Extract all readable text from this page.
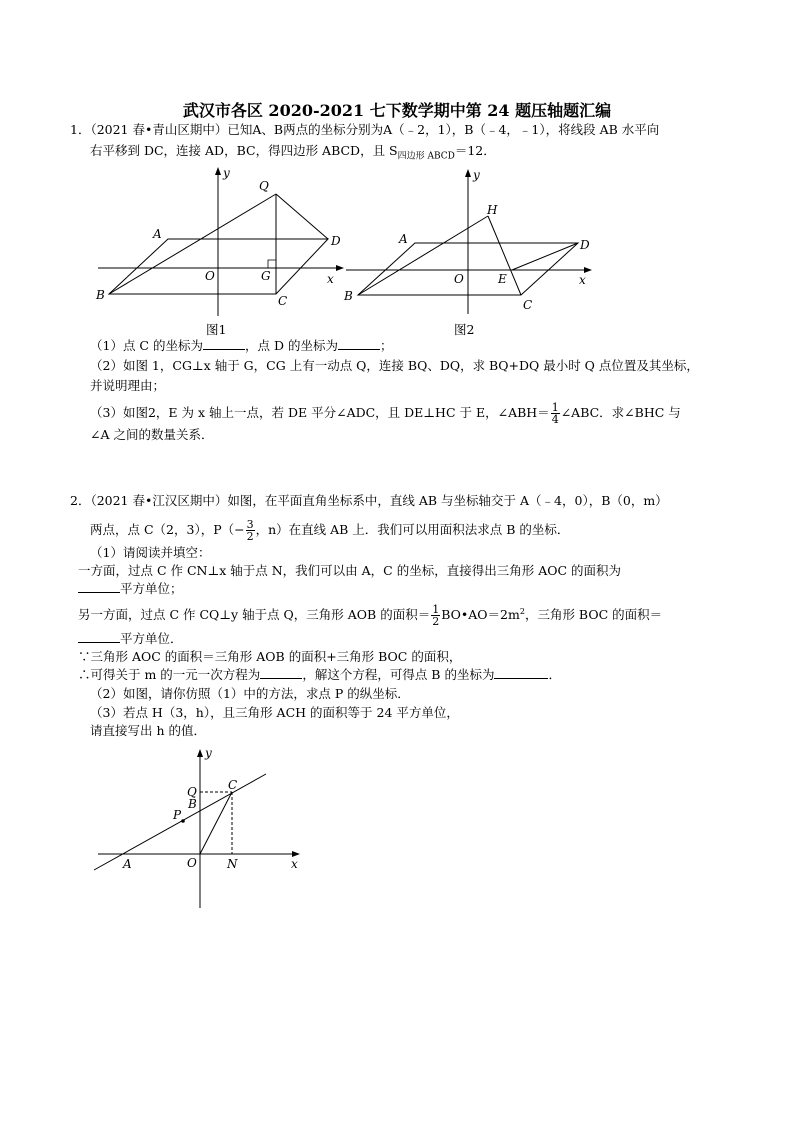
武汉市各区 2020-2021 七下数学期中第 24 题压轴题汇编
1．（2021 春•青山区期中）已知A、B两点的坐标分别为A（﹣2，1），B（﹣4，﹣1），将线段 AB 水平向
右平移到 DC，连接 AD，BC，得四边形 ABCD，且 $S_{四边形 ABCD}=12$．
y
x
O
A
B	C
D
Q
G
y
x
O
A
B
C
D
H
E
图1	图2
（1）点 C 的坐标为	，点 D 的坐标为	；
（2）如图 1，CG⊥x 轴于 G，CG 上有一动点 Q，连接 BQ、DQ，求 BQ+DQ 最小时 Q 点位置及其坐标，
并说明理由；
（3）如图2，E 为 x 轴上一点，若 DE 平分∠ADC，且 DE⊥HC 于 E，∠ABH＝ $\frac{1}{4}$ ∠ABC．求∠BHC 与
∠A 之间的数量关系．
2．（2021 春•江汉区期中）如图，在平面直角坐标系中，直线 AB 与坐标轴交于 A（﹣4，0），B（0，m）
两点，点 C（2，3），$P(- \frac{3}{2}$ ，n）在直线 AB 上．我们可以用面积法求点 B 的坐标．
（1）请阅读并填空：
一方面，过点 C 作 CN⊥x 轴于点 N，我们可以由 A，C 的坐标，直接得出三角形 AOC 的面积为
平方单位；
另一方面，过点 C 作 CQ⊥y 轴于点 Q，三角形 AOB 的面积＝ $\frac{1}{2}$ $BO•AO=2m^2$，三角形 BOC 的面积＝
平方单位．
∵三角形 AOC 的面积＝三角形 AOB 的面积+三角形 BOC 的面积，
∴可得关于 m 的一元一次方程为	，解这个方程，可得点 B 的坐标为	．
（2）如图，请你仿照（1）中的方法，求点 P 的纵坐标．
（3）若点 H（3，h），且三角形 ACH 的面积等于 24 平方单位，
请直接写出 h 的值．
y
x
O
A	N
C
Q
B
P
